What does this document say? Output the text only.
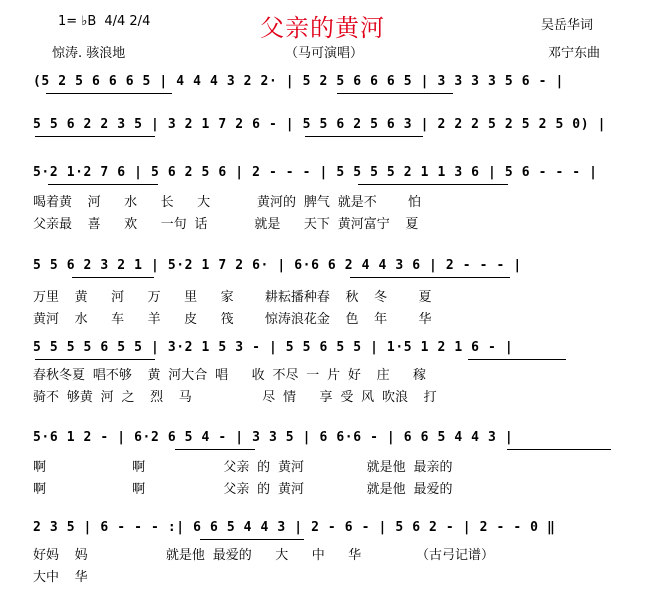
1= ♭B 4/4 2/4	父亲的黄河	吴岳华词
惊涛. 骇浪地	（马可演唱）	邓宁东曲
(5 2 5 6 6 6 5 | 4 4 4 3 2 2· | 5 2 5 6 6 6 5 | 3 3 3 3 5 6 - |
5 5 6 2 2 3 5 | 3 2 1 7 2 6 - | 5 5 6 2 5 6 3 | 2 2 2 5 2 5 2 5 0) |
5·2 1·2 7 6 | 5 6 2 5 6 | 2 - - - | 5 5 5 5 2 1 1 3 6 | 5 6 - - - |
喝着黄  河   水   长   大      黄河的 脾气 就是不    怕
父亲最  喜   欢   一句 话      就是   天下 黄河富宁  夏
5 5 6 2 3 2 1 | 5·2 1 7 2 6· | 6·6 6 2 4 4 3 6 | 2 - - - |
万里  黄   河   万   里   家    耕耘播种春  秋  冬    夏
黄河  水   车   羊   皮   筏    惊涛浪花金  色  年    华
5 5 5 5 6 5 5 | 3·2 1 5 3 - | 5 5 6 5 5 | 1·5 1 2 1 6 - |
春秋冬夏 唱不够  黄 河大合 唱   收 不尽 一 片 好  庄   稼
骑不 够黄 河 之  烈  马         尽 情   享 受 风 吹浪  打
5·6 1 2 - | 6·2 6 5 4 - | 3 3 5 | 6 6·6 - | 6 6 5 4 4 3 |
啊           啊          父亲 的 黄河        就是他 最亲的
啊           啊          父亲 的 黄河        就是他 最爱的
2 3 5 | 6 - - - :| 6 6 5 4 4 3 | 2 - 6 - | 5 6 2 - | 2 - - 0 ‖
好妈  妈          就是他 最爱的   大   中   华       （古弓记谱）
大中  华
